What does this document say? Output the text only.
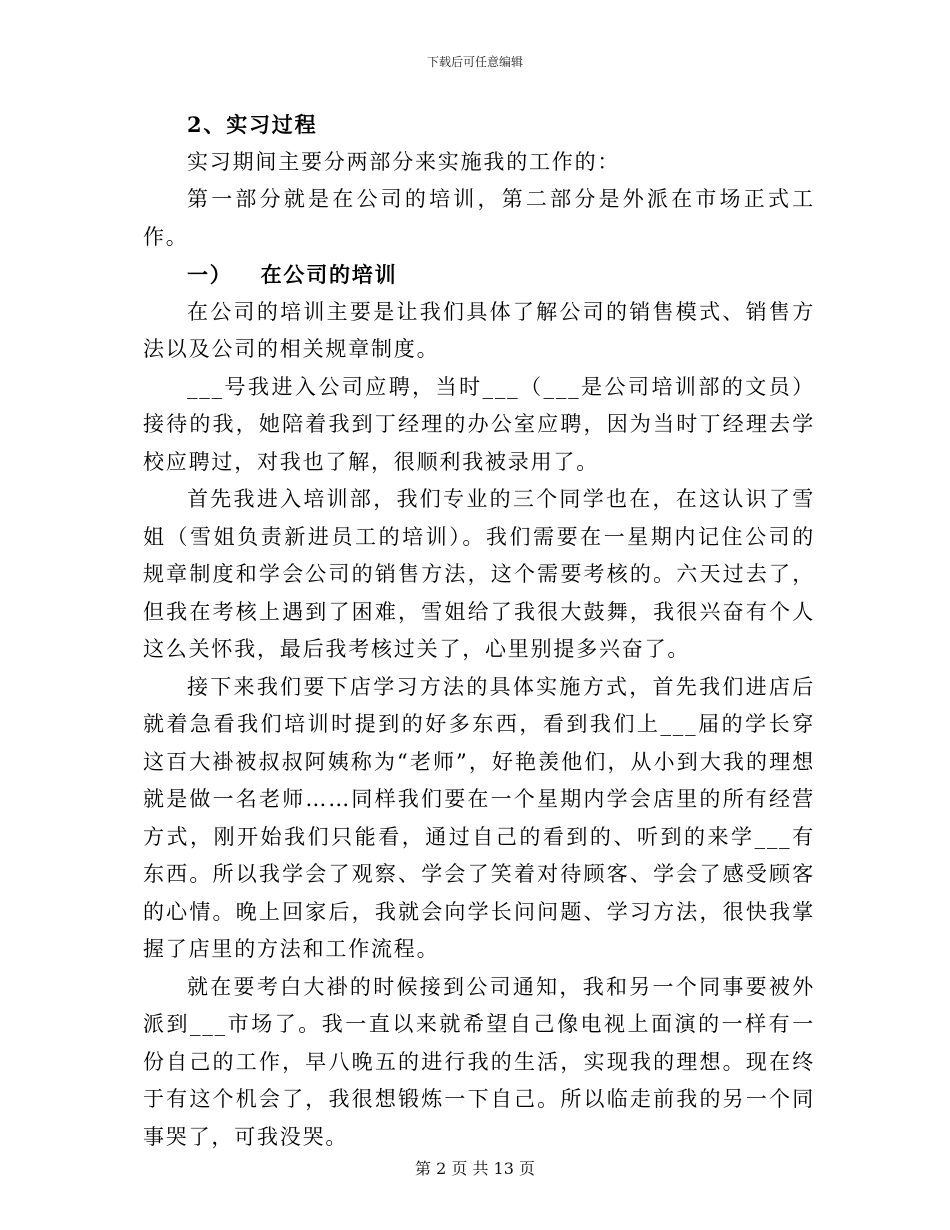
下载后可任意编辑

2、实习过程

实习期间主要分两部分来实施我的工作的：

第一部分就是在公司的培训，第二部分是外派在市场正式工作。

一） 在公司的培训

在公司的培训主要是让我们具体了解公司的销售模式、销售方法以及公司的相关规章制度。

___号我进入公司应聘，当时___（___是公司培训部的文员）接待的我，她陪着我到丁经理的办公室应聘，因为当时丁经理去学校应聘过，对我也了解，很顺利我被录用了。

首先我进入培训部，我们专业的三个同学也在，在这认识了雪姐（雪姐负责新进员工的培训）。我们需要在一星期内记住公司的规章制度和学会公司的销售方法，这个需要考核的。六天过去了，但我在考核上遇到了困难，雪姐给了我很大鼓舞，我很兴奋有个人这么关怀我，最后我考核过关了，心里别提多兴奋了。

接下来我们要下店学习方法的具体实施方式，首先我们进店后就着急看我们培训时提到的好多东西，看到我们上___届的学长穿这百大褂被叔叔阿姨称为“老师”，好艳羡他们，从小到大我的理想就是做一名老师……同样我们要在一个星期内学会店里的所有经营方式，刚开始我们只能看，通过自己的看到的、听到的来学___有东西。所以我学会了观察、学会了笑着对待顾客、学会了感受顾客的心情。晚上回家后，我就会向学长问问题、学习方法，很快我掌握了店里的方法和工作流程。

就在要考白大褂的时候接到公司通知，我和另一个同事要被外派到___市场了。我一直以来就希望自己像电视上面演的一样有一份自己的工作，早八晚五的进行我的生活，实现我的理想。现在终于有这个机会了，我很想锻炼一下自己。所以临走前我的另一个同事哭了，可我没哭。

第 2 页 共 13 页
